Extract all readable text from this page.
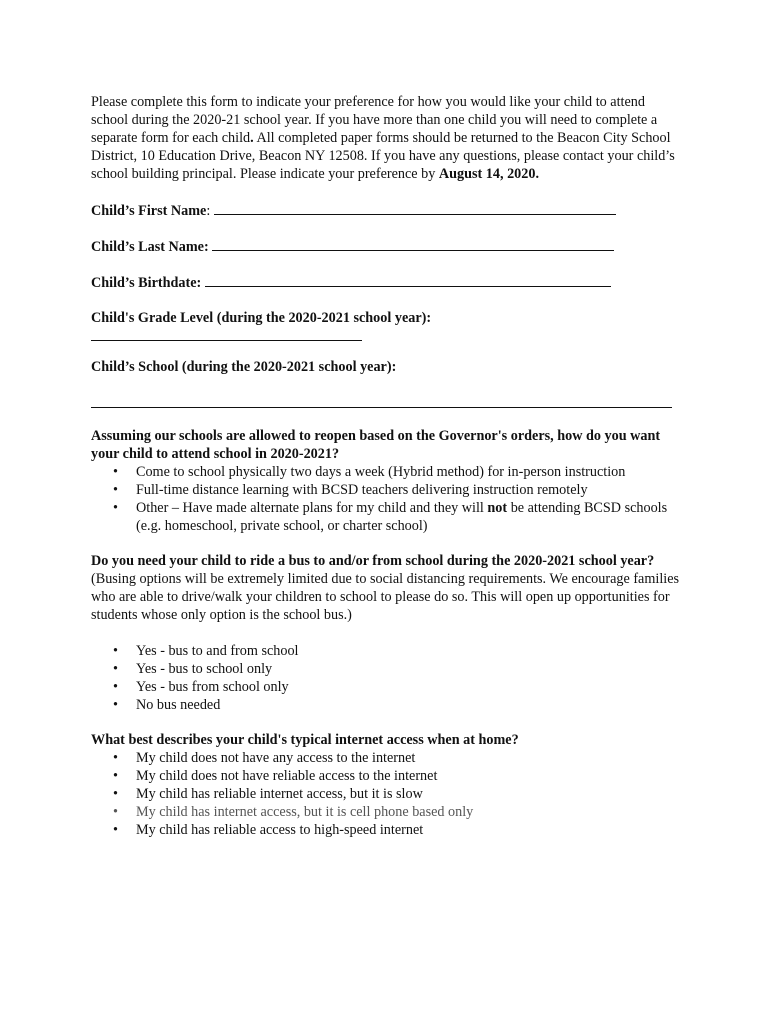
Please complete this form to indicate your preference for how you would like your child to attend school during the 2020-21 school year. If you have more than one child you will need to complete a separate form for each child. All completed paper forms should be returned to the Beacon City School District, 10 Education Drive, Beacon NY 12508. If you have any questions, please contact your child’s school building principal. Please indicate your preference by August 14, 2020.

Child’s First Name:
Child’s Last Name:
Child’s Birthdate:
Child's Grade Level (during the 2020-2021 school year):
Child’s School (during the 2020-2021 school year):

Assuming our schools are allowed to reopen based on the Governor's orders, how do you want your child to attend school in 2020-2021?

• Come to school physically two days a week (Hybrid method) for in-person instruction
• Full-time distance learning with BCSD teachers delivering instruction remotely
• Other – Have made alternate plans for my child and they will not be attending BCSD schools (e.g. homeschool, private school, or charter school)

Do you need your child to ride a bus to and/or from school during the 2020-2021 school year?

(Busing options will be extremely limited due to social distancing requirements. We encourage families who are able to drive/walk your children to school to please do so. This will open up opportunities for students whose only option is the school bus.)

• Yes - bus to and from school
• Yes - bus to school only
• Yes - bus from school only
• No bus needed

What best describes your child's typical internet access when at home?

• My child does not have any access to the internet
• My child does not have reliable access to the internet
• My child has reliable internet access, but it is slow
• My child has internet access, but it is cell phone based only
• My child has reliable access to high-speed internet
